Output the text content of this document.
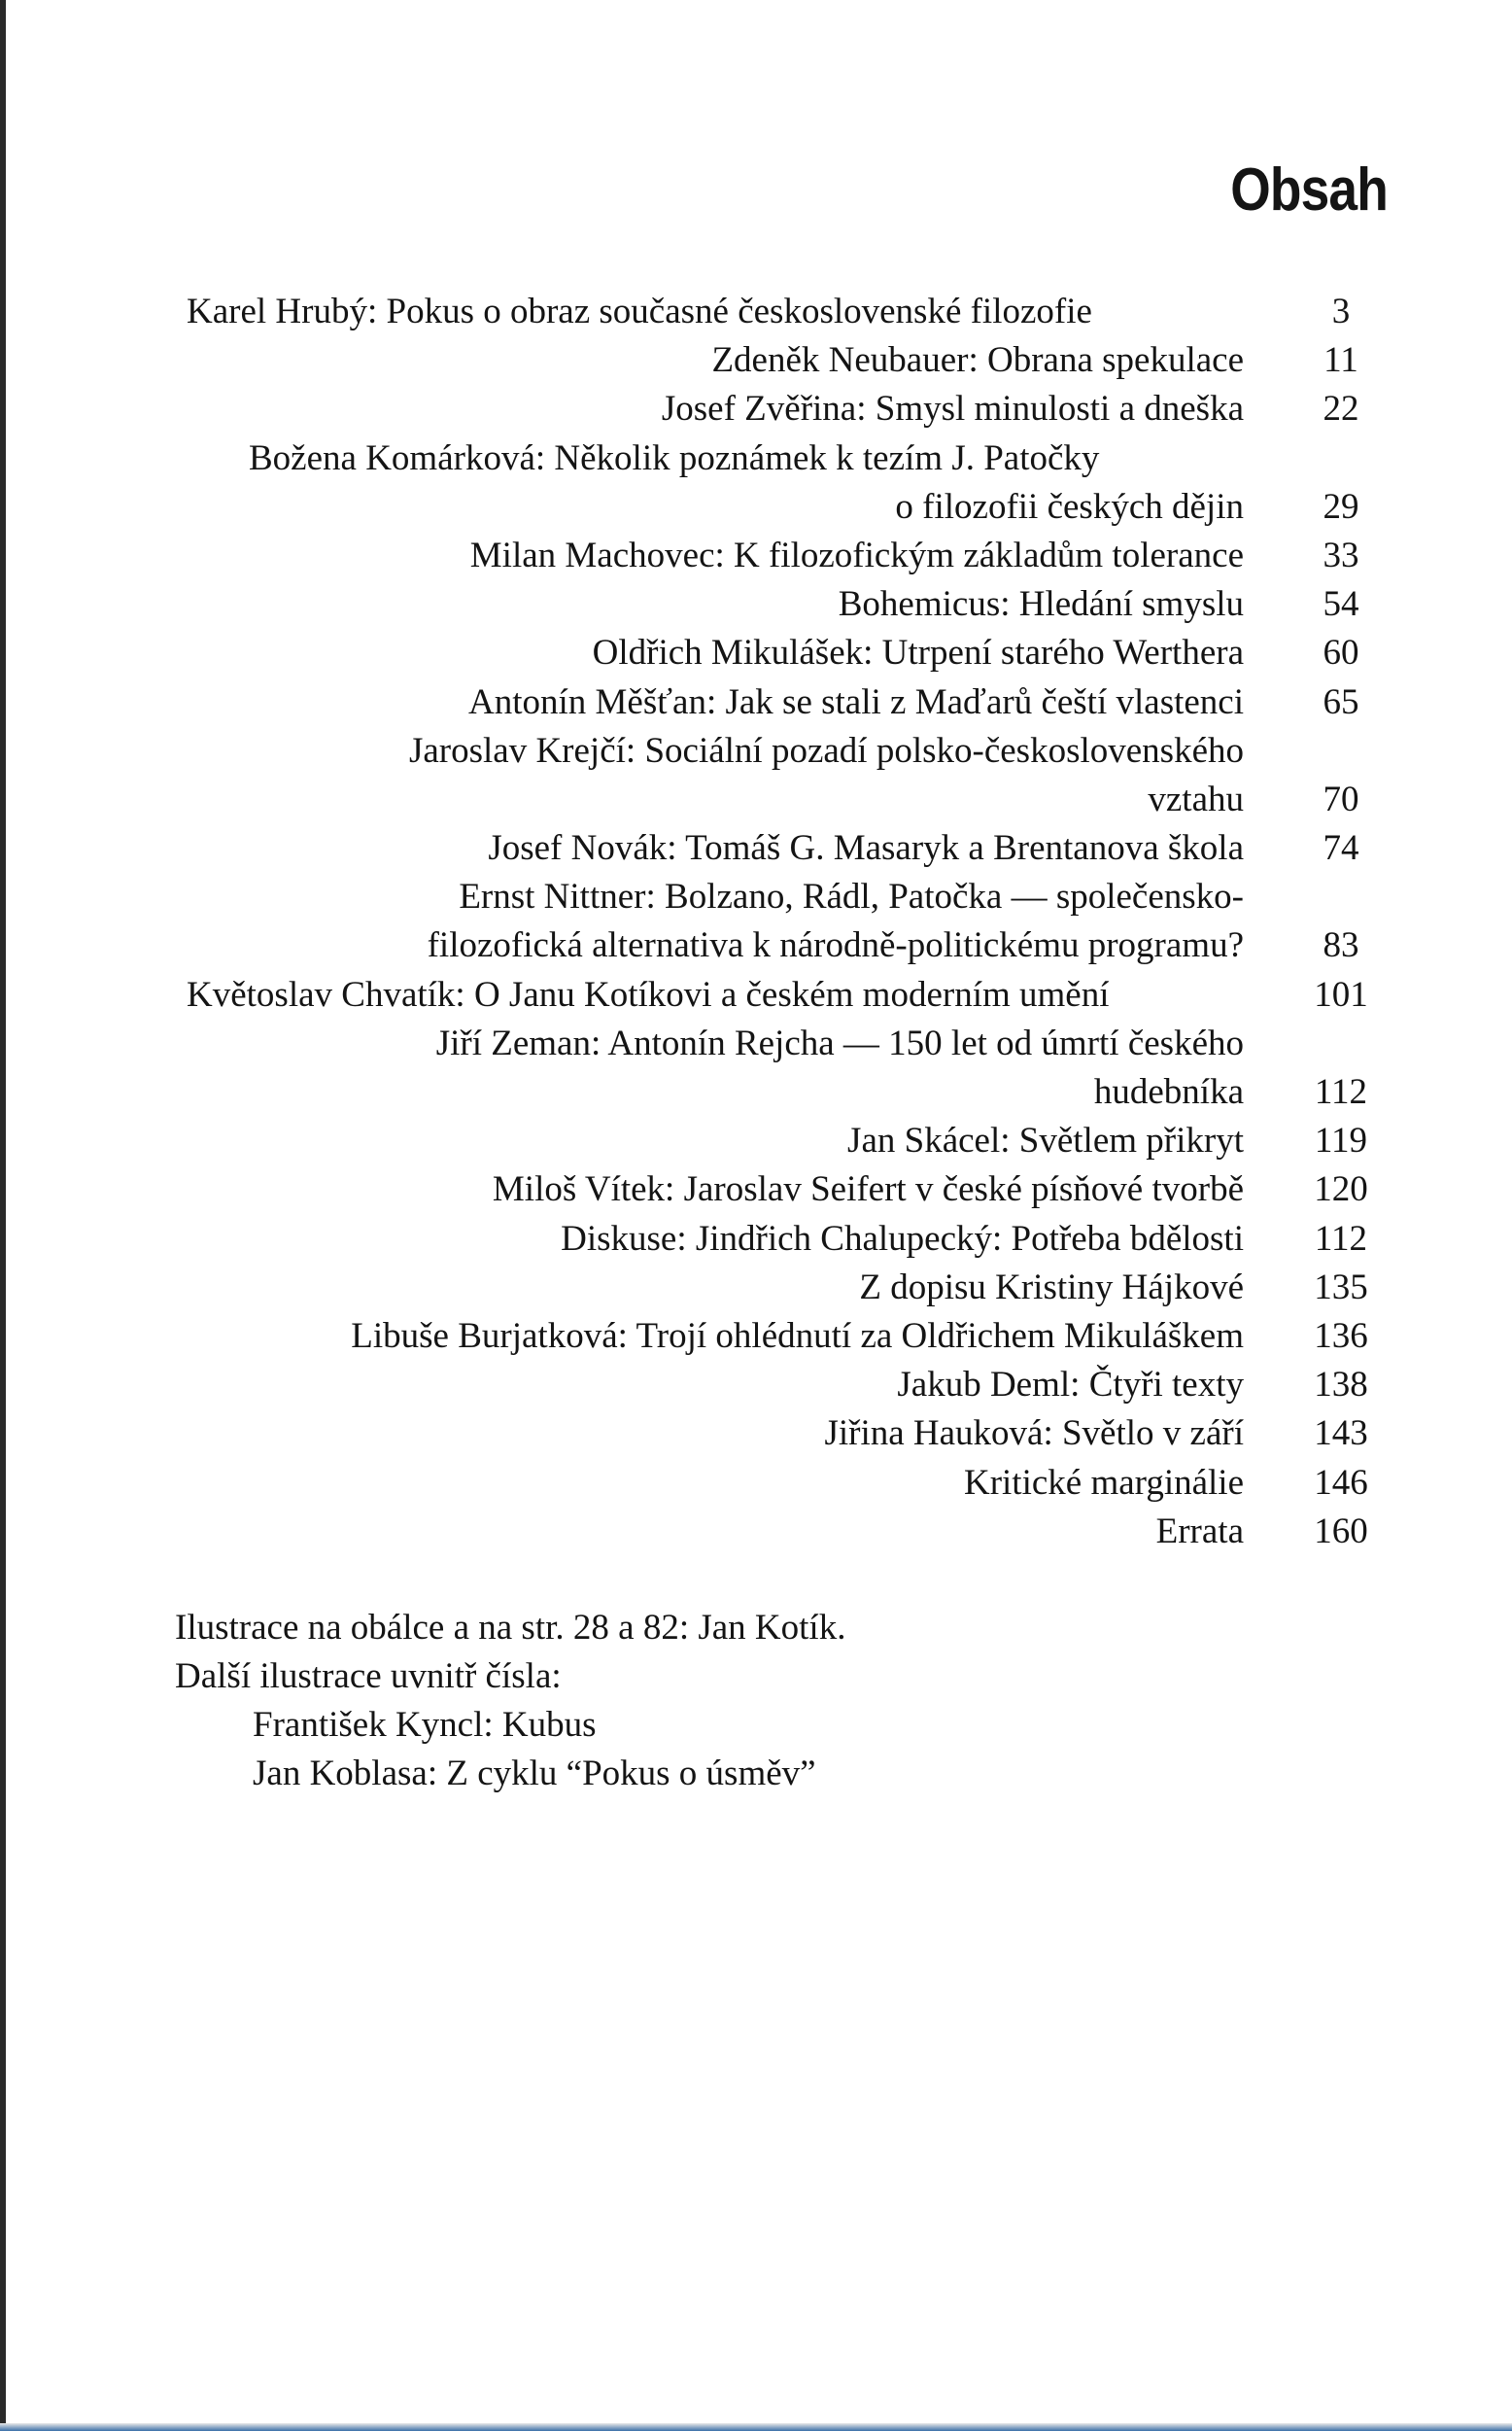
Obsah
Karel Hrubý: Pokus o obraz současné československé filozofie	3
Zdeněk Neubauer: Obrana spekulace	11
Josef Zvěřina: Smysl minulosti a dneška	22
Božena Komárková: Několik poznámek k tezím J. Patočky
o filozofii českých dějin	29
Milan Machovec: K filozofickým základům tolerance	33
Bohemicus: Hledání smyslu	54
Oldřich Mikulášek: Utrpení starého Werthera	60
Antonín Měšťan: Jak se stali z Maďarů čeští vlastenci	65
Jaroslav Krejčí: Sociální pozadí polsko-československého
vztahu	70
Josef Novák: Tomáš G. Masaryk a Brentanova škola	74
Ernst Nittner: Bolzano, Rádl, Patočka — společensko-
filozofická alternativa k národně-politickému programu?	83
Květoslav Chvatík: O Janu Kotíkovi a českém moderním umění	101
Jiří Zeman: Antonín Rejcha — 150 let od úmrtí českého
hudebníka	112
Jan Skácel: Světlem přikryt	119
Miloš Vítek: Jaroslav Seifert v české písňové tvorbě	120
Diskuse: Jindřich Chalupecký: Potřeba bdělosti	112
Z dopisu Kristiny Hájkové	135
Libuše Burjatková: Trojí ohlédnutí za Oldřichem Mikuláškem	136
Jakub Deml: Čtyři texty	138
Jiřina Hauková: Světlo v září	143
Kritické marginálie	146
Errata	160
Ilustrace na obálce a na str. 28 a 82: Jan Kotík.
Další ilustrace uvnitř čísla:
František Kyncl: Kubus
Jan Koblasa: Z cyklu “Pokus o úsměv”
